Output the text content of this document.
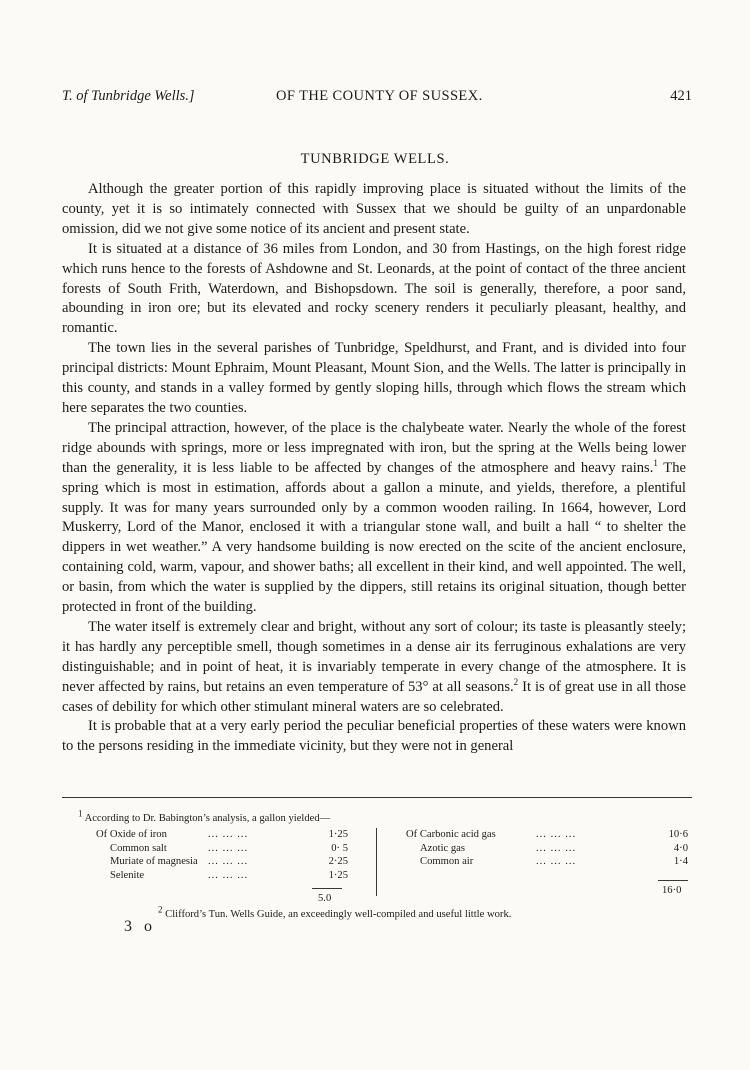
T. of Tunbridge Wells.]	OF THE COUNTY OF SUSSEX.	421
TUNBRIDGE WELLS.

Although the greater portion of this rapidly improving place is situated without the limits of the county, yet it is so intimately connected with Sussex that we should be guilty of an unpardonable omission, did we not give some notice of its ancient and present state.

It is situated at a distance of 36 miles from London, and 30 from Hastings, on the high forest ridge which runs hence to the forests of Ashdowne and St. Leonards, at the point of contact of the three ancient forests of South Frith, Waterdown, and Bishopsdown. The soil is generally, therefore, a poor sand, abounding in iron ore; but its elevated and rocky scenery renders it peculiarly pleasant, healthy, and romantic.

The town lies in the several parishes of Tunbridge, Speldhurst, and Frant, and is divided into four principal districts: Mount Ephraim, Mount Pleasant, Mount Sion, and the Wells. The latter is principally in this county, and stands in a valley formed by gently sloping hills, through which flows the stream which here separates the two counties.

The principal attraction, however, of the place is the chalybeate water. Nearly the whole of the forest ridge abounds with springs, more or less impregnated with iron, but the spring at the Wells being lower than the generality, it is less liable to be affected by changes of the atmosphere and heavy rains.$^1$ The spring which is most in estimation, affords about a gallon a minute, and yields, therefore, a plentiful supply. It was for many years surrounded only by a common wooden railing. In 1664, however, Lord Muskerry, Lord of the Manor, enclosed it with a triangular stone wall, and built a hall “ to shelter the dippers in wet weather.” A very handsome building is now erected on the scite of the ancient enclosure, containing cold, warm, vapour, and shower baths; all excellent in their kind, and well appointed. The well, or basin, from which the water is supplied by the dippers, still retains its original situation, though better protected in front of the building.

The water itself is extremely clear and bright, without any sort of colour; its taste is pleasantly steely; it has hardly any perceptible smell, though sometimes in a dense air its ferruginous exhalations are very distinguishable; and in point of heat, it is invariably temperate in every change of the atmosphere. It is never affected by rains, but retains an even temperature of 53° at all seasons.$^2$ It is of great use in all those cases of debility for which other stimulant mineral waters are so celebrated.

It is probable that at a very early period the peculiar beneficial properties of these waters were known to the persons residing in the immediate vicinity, but they were not in general

$^1$ According to Dr. Babington’s analysis, a gallon yielded—
Of Oxide of iron	... ... ...	1·25
Common salt	... ... ...	0· 5
Muriate of magnesia ... ... ...	2·25
Selenite	... ... ...	1·25
5.0
Of Carbonic acid gas	... ... ...	10·6
Azotic gas	... ... ...	4·0
Common air	... ... ...	1·4
16·0
$^2$ Clifford’s Tun. Wells Guide, an exceedingly well-compiled and useful little work.
3 o
